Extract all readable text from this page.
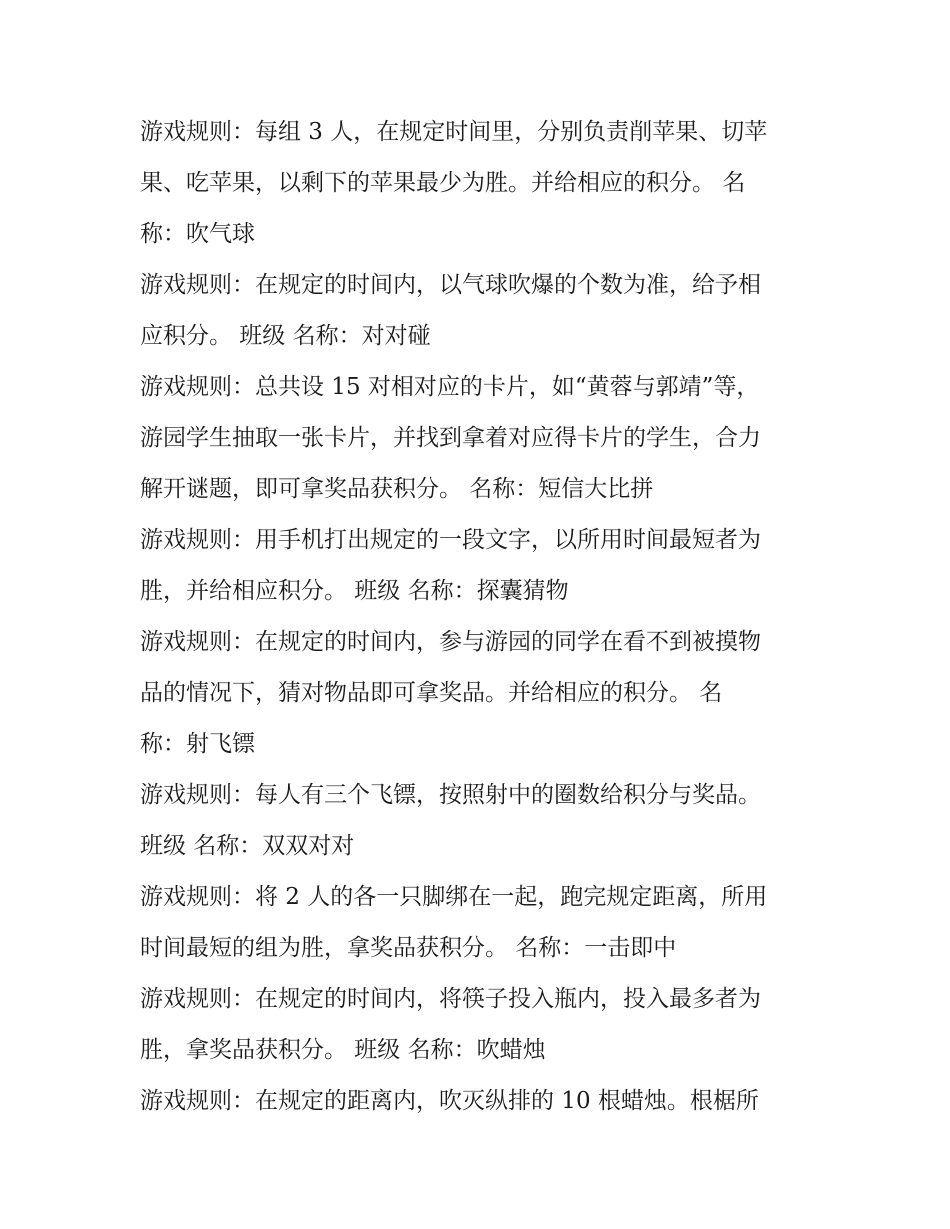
游戏规则：每组 3 人，在规定时间里，分别负责削苹果、切苹
果、吃苹果，以剩下的苹果最少为胜。并给相应的积分。 名
称：吹气球
游戏规则：在规定的时间内，以气球吹爆的个数为准，给予相
应积分。 班级 名称：对对碰
游戏规则：总共设 15 对相对应的卡片，如“黄蓉与郭靖”等，
游园学生抽取一张卡片，并找到拿着对应得卡片的学生，合力
解开谜题，即可拿奖品获积分。 名称：短信大比拼
游戏规则：用手机打出规定的一段文字，以所用时间最短者为
胜，并给相应积分。 班级 名称：探囊猜物
游戏规则：在规定的时间内，参与游园的同学在看不到被摸物
品的情况下，猜对物品即可拿奖品。并给相应的积分。 名
称：射飞镖
游戏规则：每人有三个飞镖，按照射中的圈数给积分与奖品。
班级 名称：双双对对
游戏规则：将 2 人的各一只脚绑在一起，跑完规定距离，所用
时间最短的组为胜，拿奖品获积分。 名称：一击即中
游戏规则：在规定的时间内，将筷子投入瓶内，投入最多者为
胜，拿奖品获积分。 班级 名称：吹蜡烛
游戏规则：在规定的距离内，吹灭纵排的 10 根蜡烛。根椐所
